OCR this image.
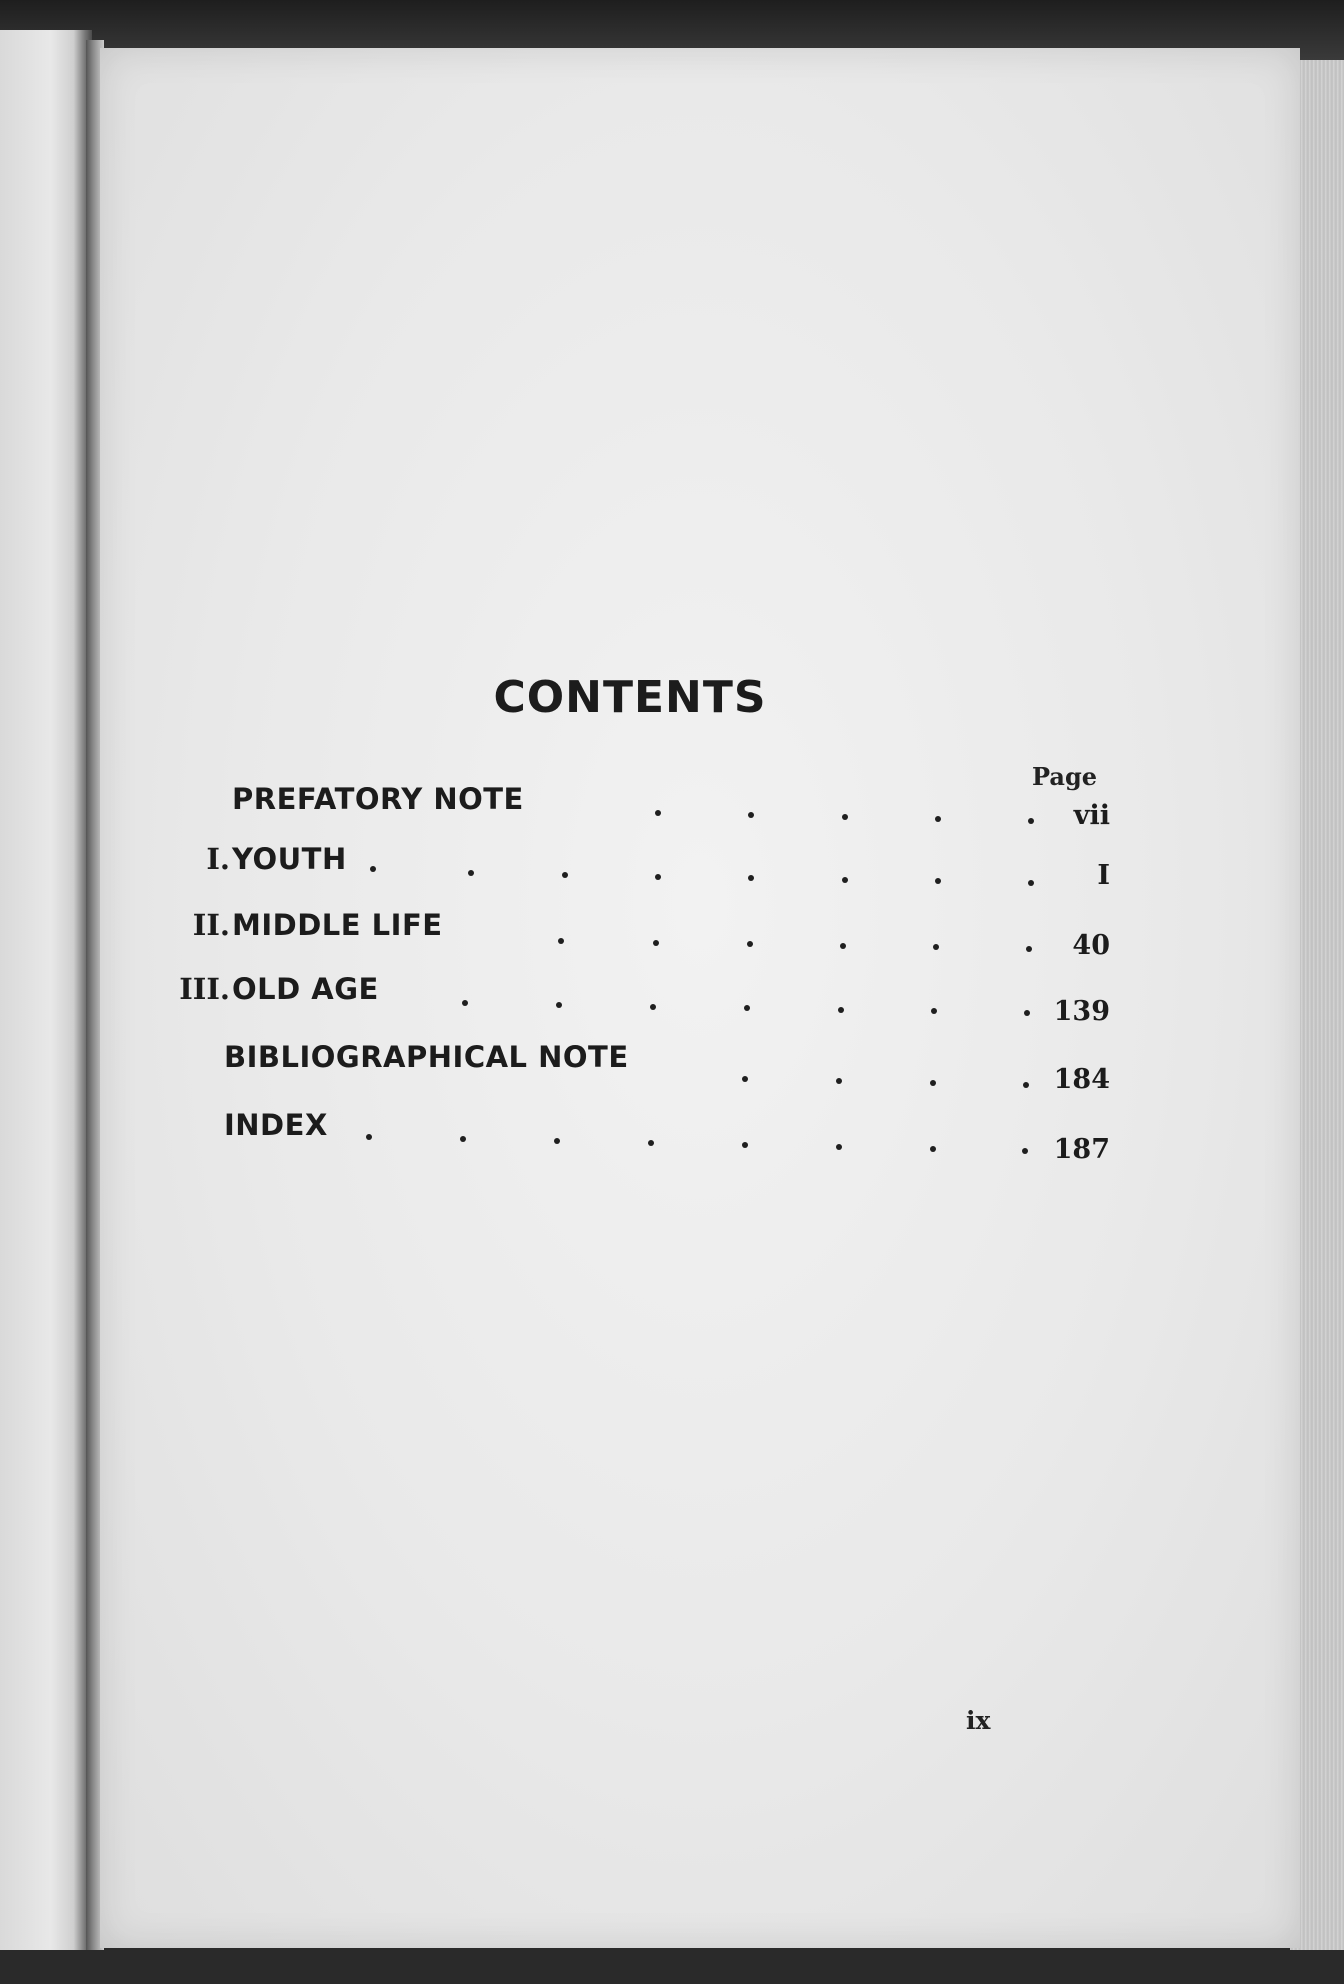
CONTENTS
Page
PREFATORY NOTE	vii
I. YOUTH	I
II. MIDDLE LIFE
40
III. OLD AGE
139
BIBLIOGRAPHICAL NOTE
184
INDEX
187
ix
